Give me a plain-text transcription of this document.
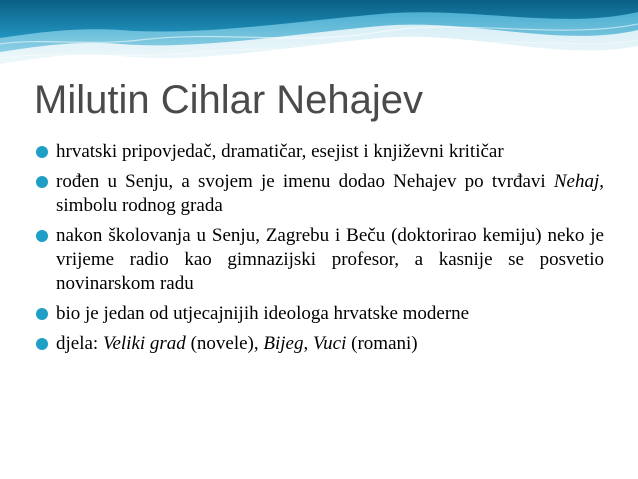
Milutin Cihlar Nehajev
hrvatski pripovjedač, dramatičar, esejist i književni kritičar
rođen u Senju, a svojem je imenu dodao Nehajev po tvrđavi Nehaj, simbolu rodnog grada
nakon školovanja u Senju, Zagrebu i Beču (doktorirao kemiju) neko je vrijeme radio kao gimnazijski profesor, a kasnije se posvetio novinarskom radu
bio je jedan od utjecajnijih ideologa hrvatske moderne
djela: Veliki grad (novele), Bijeg, Vuci (romani)
